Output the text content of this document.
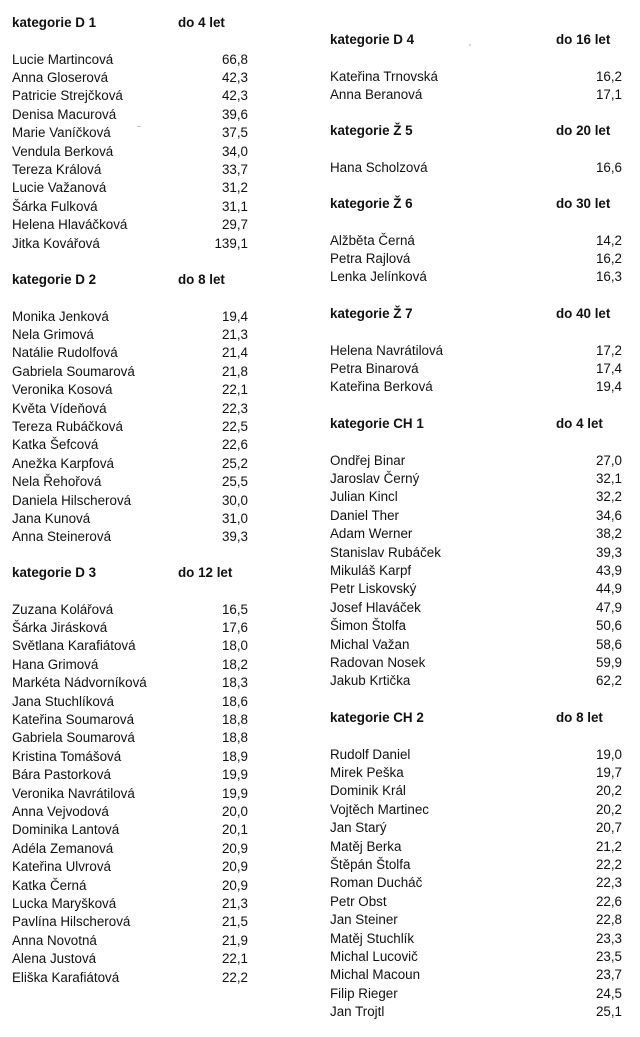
kategorie D 1	do 4 let
Lucie Martincová	66,8
Anna Gloserová	42,3
Patricie Strejčková	42,3
Denisa Macurová	39,6
Marie Vaníčková	37,5
Vendula Berková	34,0
Tereza Králová	33,7
Lucie Važanová	31,2
Šárka Fulková	31,1
Helena Hlaváčková	29,7
Jitka Kovářová	139,1
kategorie D 2	do 8 let
Monika Jenková	19,4
Nela Grimová	21,3
Natálie Rudolfová	21,4
Gabriela Soumarová	21,8
Veronika Kosová	22,1
Květa Vídeňová	22,3
Tereza Rubáčková	22,5
Katka Šefcová	22,6
Anežka Karpfová	25,2
Nela Řehořová	25,5
Daniela Hilscherová	30,0
Jana Kunová	31,0
Anna Steinerová	39,3
kategorie D 3	do 12 let
Zuzana Kolářová	16,5
Šárka Jirásková	17,6
Světlana Karafiátová	18,0
Hana Grimová	18,2
Markéta Nádvorníková	18,3
Jana Stuchlíková	18,6
Kateřina Soumarová	18,8
Gabriela Soumarová	18,8
Kristina Tomášová	18,9
Bára Pastorková	19,9
Veronika Navrátilová	19,9
Anna Vejvodová	20,0
Dominika Lantová	20,1
Adéla Zemanová	20,9
Kateřina Ulvrová	20,9
Katka Černá	20,9
Lucka Maryšková	21,3
Pavlína Hilscherová	21,5
Anna Novotná	21,9
Alena Justová	22,1
Eliška Karafiátová	22,2
kategorie D 4	do 16 let
Kateřina Trnovská	16,2
Anna Beranová	17,1
kategorie Ž 5	do 20 let
Hana Scholzová	16,6
kategorie Ž 6	do 30 let
Alžběta Černá	14,2
Petra Rajlová	16,2
Lenka Jelínková	16,3
kategorie Ž 7	do 40 let
Helena Navrátilová	17,2
Petra Binarová	17,4
Kateřina Berková	19,4
kategorie CH 1	do 4 let
Ondřej Binar	27,0
Jaroslav Černý	32,1
Julian Kincl	32,2
Daniel Ther	34,6
Adam Werner	38,2
Stanislav Rubáček	39,3
Mikuláš Karpf	43,9
Petr Liskovský	44,9
Josef Hlaváček	47,9
Šimon Štolfa	50,6
Michal Važan	58,6
Radovan Nosek	59,9
Jakub Krtička	62,2
kategorie CH 2	do 8 let
Rudolf Daniel	19,0
Mirek Peška	19,7
Dominik Král	20,2
Vojtěch Martinec	20,2
Jan Starý	20,7
Matěj Berka	21,2
Štěpán Štolfa	22,2
Roman Ducháč	22,3
Petr Obst	22,6
Jan Steiner	22,8
Matěj Stuchlík	23,3
Michal Lucovič	23,5
Michal Macoun	23,7
Filip Rieger	24,5
Jan Trojtl	25,1
